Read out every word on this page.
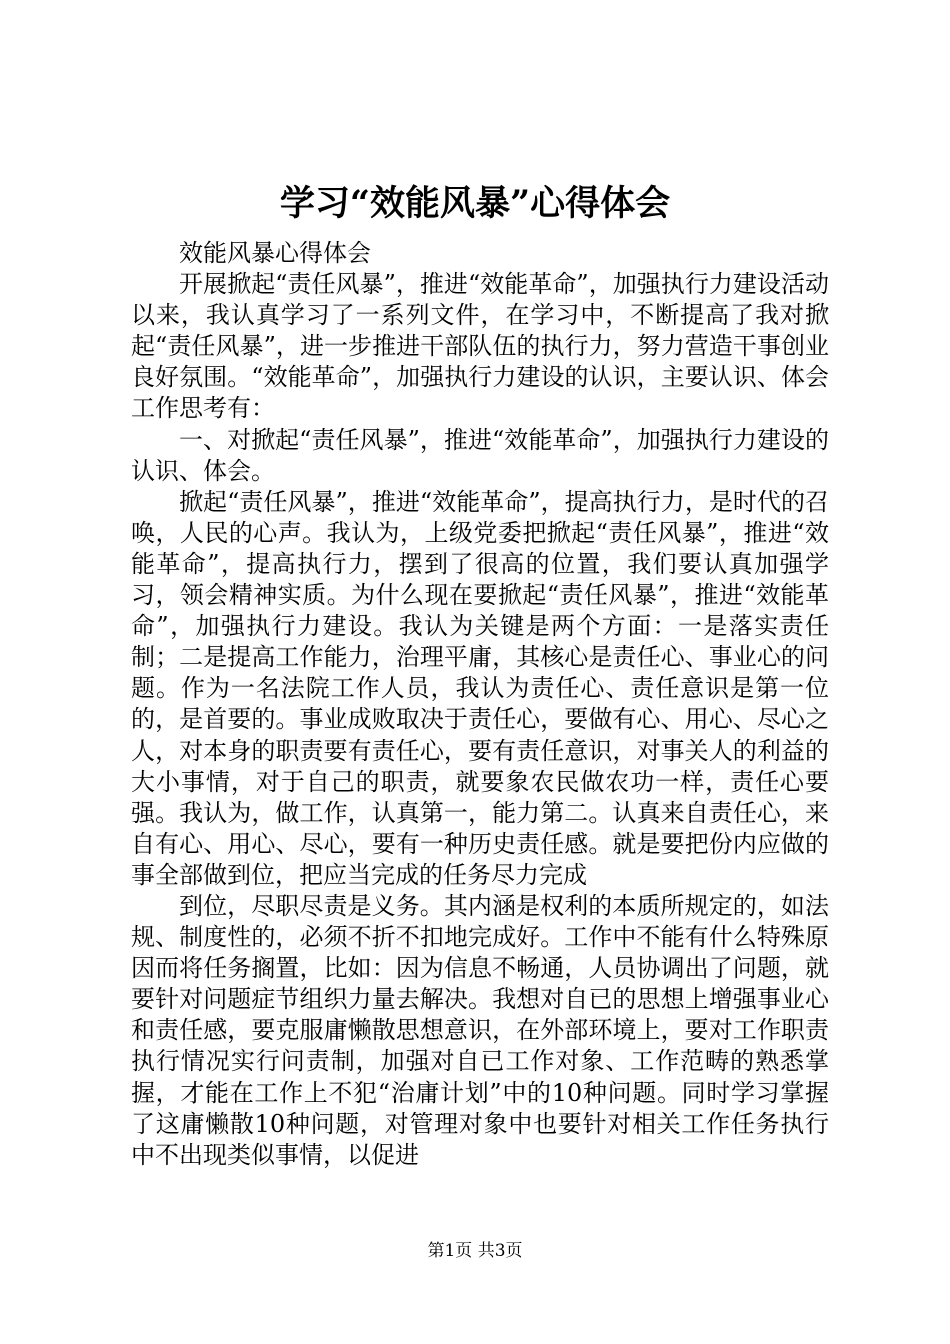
学习“效能风暴”心得体会

效能风暴心得体会

开展掀起“责任风暴”，推进“效能革命”，加强执行力建设活动以来，我认真学习了一系列文件，在学习中，不断提高了我对掀起“责任风暴”，进一步推进干部队伍的执行力，努力营造干事创业良好氛围。“效能革命”，加强执行力建设的认识，主要认识、体会工作思考有：

一、对掀起“责任风暴”，推进“效能革命”，加强执行力建设的认识、体会。

掀起“责任风暴”，推进“效能革命”，提高执行力，是时代的召唤，人民的心声。我认为，上级党委把掀起“责任风暴”，推进“效能革命”，提高执行力，摆到了很高的位置，我们要认真加强学习，领会精神实质。为什么现在要掀起“责任风暴”，推进“效能革命”，加强执行力建设。我认为关键是两个方面：一是落实责任制；二是提高工作能力，治理平庸，其核心是责任心、事业心的问题。作为一名法院工作人员，我认为责任心、责任意识是第一位的，是首要的。事业成败取决于责任心，要做有心、用心、尽心之人，对本身的职责要有责任心，要有责任意识，对事关人的利益的大小事情，对于自己的职责，就要象农民做农功一样，责任心要强。我认为，做工作，认真第一，能力第二。认真来自责任心，来自有心、用心、尽心，要有一种历史责任感。就是要把份内应做的事全部做到位，把应当完成的任务尽力完成

到位，尽职尽责是义务。其内涵是权利的本质所规定的，如法规、制度性的，必须不折不扣地完成好。工作中不能有什么特殊原因而将任务搁置，比如：因为信息不畅通，人员协调出了问题，就要针对问题症节组织力量去解决。我想对自已的思想上增强事业心和责任感，要克服庸懒散思想意识，在外部环境上，要对工作职责执行情况实行问责制，加强对自已工作对象、工作范畴的熟悉掌握，才能在工作上不犯“治庸计划”中的10种问题。同时学习掌握了这庸懒散10种问题，对管理对象中也要针对相关工作任务执行中不出现类似事情，以促进

第1页 共3页
